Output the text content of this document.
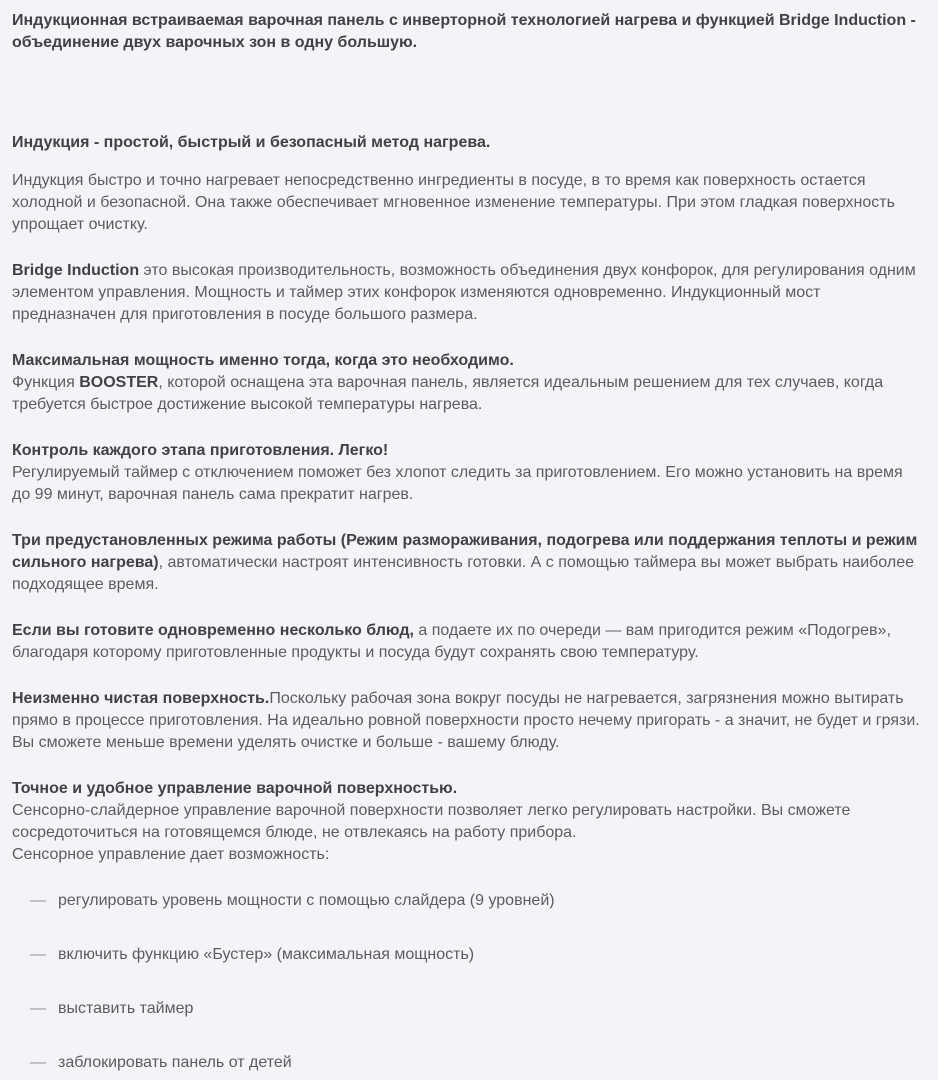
Индукционная встраиваемая варочная панель с инверторной технологией нагрева и функцией Bridge Induction - объединение двух варочных зон в одну большую.

Индукция - простой, быстрый и безопасный метод нагрева.

Индукция быстро и точно нагревает непосредственно ингредиенты в посуде, в то время как поверхность остается холодной и безопасной. Она также обеспечивает мгновенное изменение температуры. При этом гладкая поверхность упрощает очистку.

Bridge Induction это высокая производительность, возможность объединения двух конфорок, для регулирования одним элементом управления. Мощность и таймер этих конфорок изменяются одновременно. Индукционный мост предназначен для приготовления в посуде большого размера.

Максимальная мощность именно тогда, когда это необходимо.
Функция BOOSTER, которой оснащена эта варочная панель, является идеальным решением для тех случаев, когда требуется быстрое достижение высокой температуры нагрева.

Контроль каждого этапа приготовления. Легко!
Регулируемый таймер с отключением поможет без хлопот следить за приготовлением. Его можно установить на время до 99 минут, варочная панель сама прекратит нагрев.

Три предустановленных режима работы (Режим размораживания, подогрева или поддержания теплоты и режим сильного нагрева), автоматически настроят интенсивность готовки. А с помощью таймера вы может выбрать наиболее подходящее время.

Если вы готовите одновременно несколько блюд, а подаете их по очереди — вам пригодится режим «Подогрев», благодаря которому приготовленные продукты и посуда будут сохранять свою температуру.

Неизменно чистая поверхность.Поскольку рабочая зона вокруг посуды не нагревается, загрязнения можно вытирать прямо в процессе приготовления. На идеально ровной поверхности просто нечему пригорать - а значит, не будет и грязи. Вы сможете меньше времени уделять очистке и больше - вашему блюду.

Точное и удобное управление варочной поверхностью.
Сенсорно-слайдерное управление варочной поверхности позволяет легко регулировать настройки. Вы сможете сосредоточиться на готовящемся блюде, не отвлекаясь на работу прибора.
Сенсорное управление дает возможность:

— регулировать уровень мощности с помощью слайдера (9 уровней)
— включить функцию «Бустер» (максимальная мощность)
— выставить таймер
— заблокировать панель от детей
